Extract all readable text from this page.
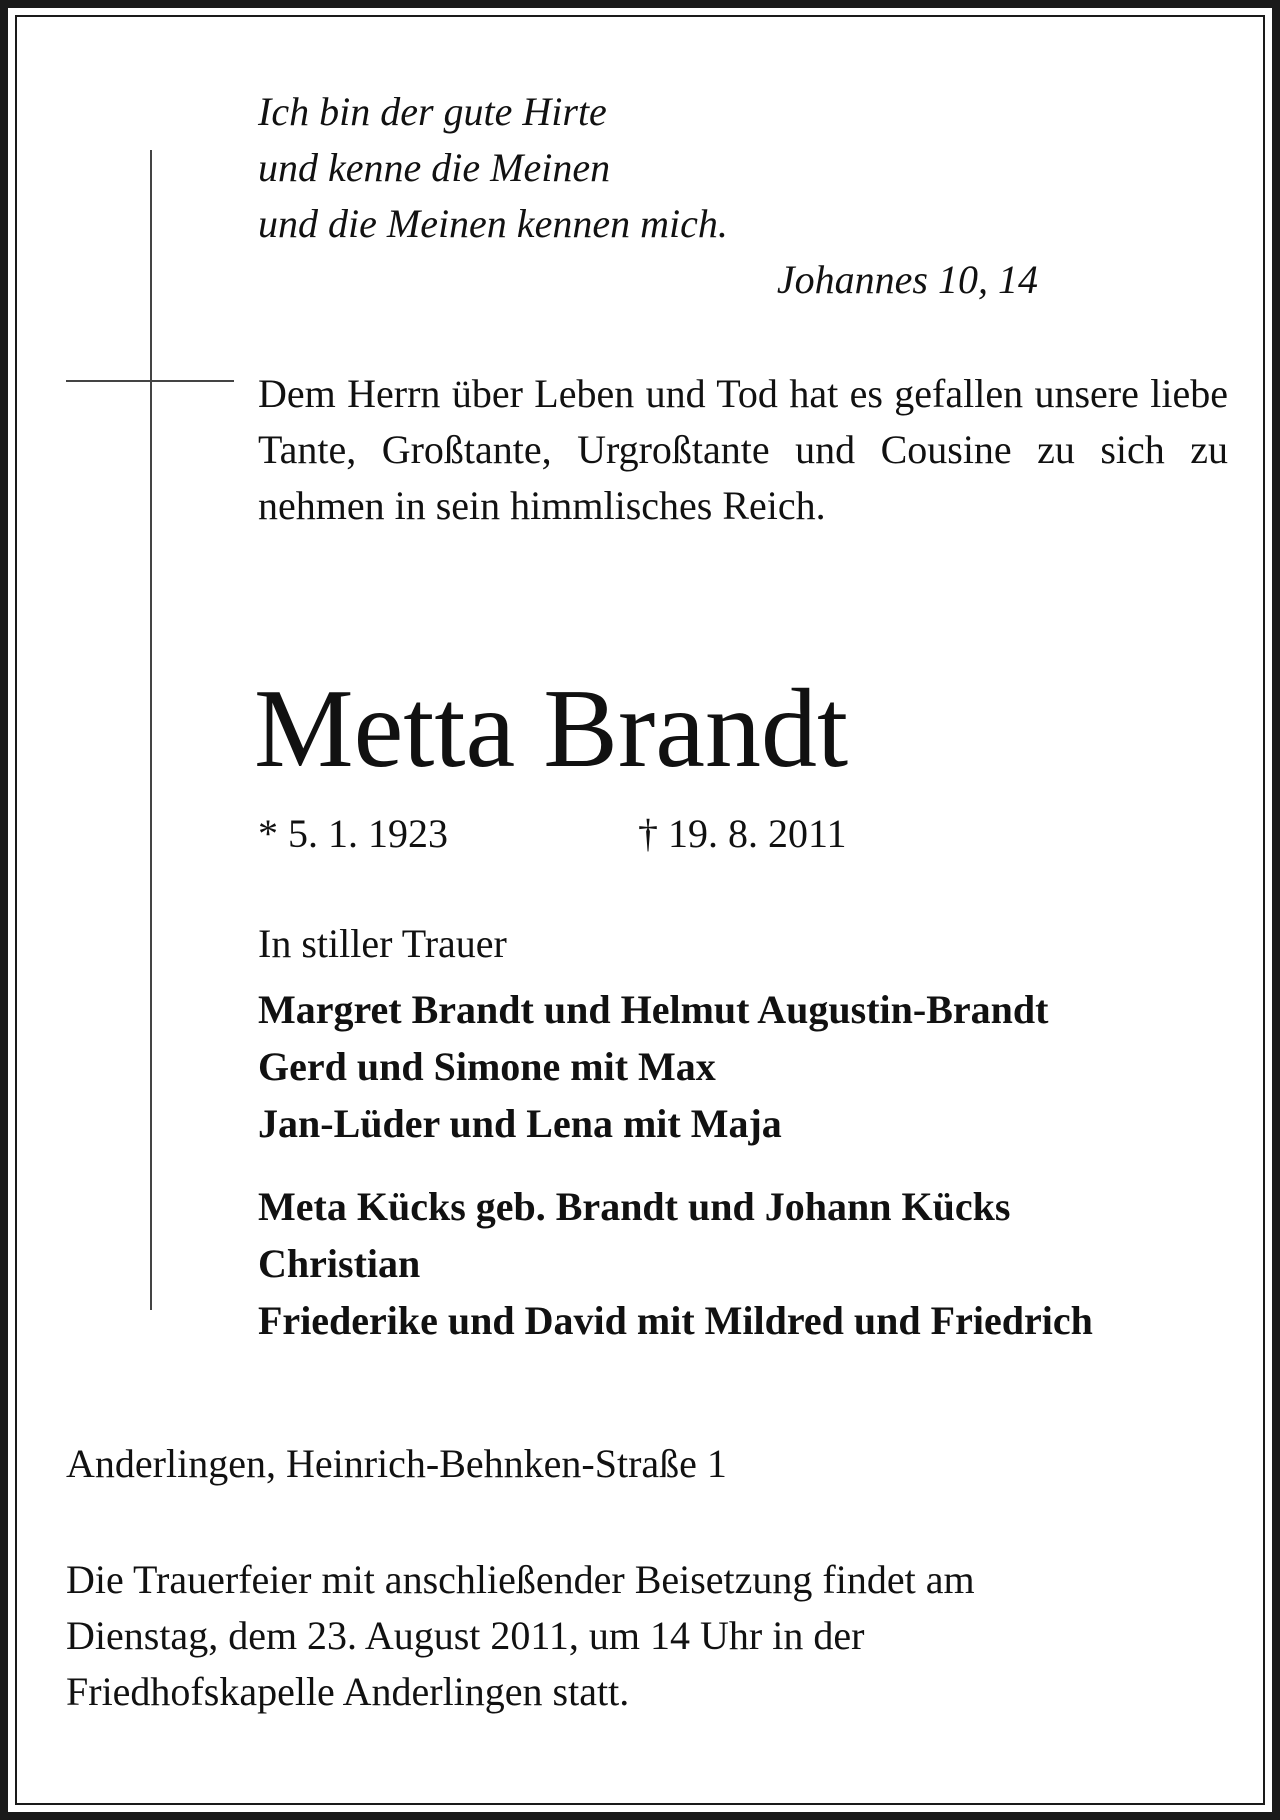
Ich bin der gute Hirte
und kenne die Meinen
und die Meinen kennen mich.
Johannes 10, 14

Dem Herrn über Leben und Tod hat es gefallen unsere liebe Tante, Großtante, Urgroßtante und Cousine zu sich zu nehmen in sein himmlisches Reich.

Metta Brandt
* 5. 1. 1923	† 19. 8. 2011
In stiller Trauer
Margret Brandt und Helmut Augustin-Brandt
Gerd und Simone mit Max
Jan-Lüder und Lena mit Maja
Meta Kücks geb. Brandt und Johann Kücks
Christian
Friederike und David mit Mildred und Friedrich
Anderlingen, Heinrich-Behnken-Straße 1
Die Trauerfeier mit anschließender Beisetzung findet am
Dienstag, dem 23. August 2011, um 14 Uhr in der
Friedhofskapelle Anderlingen statt.
